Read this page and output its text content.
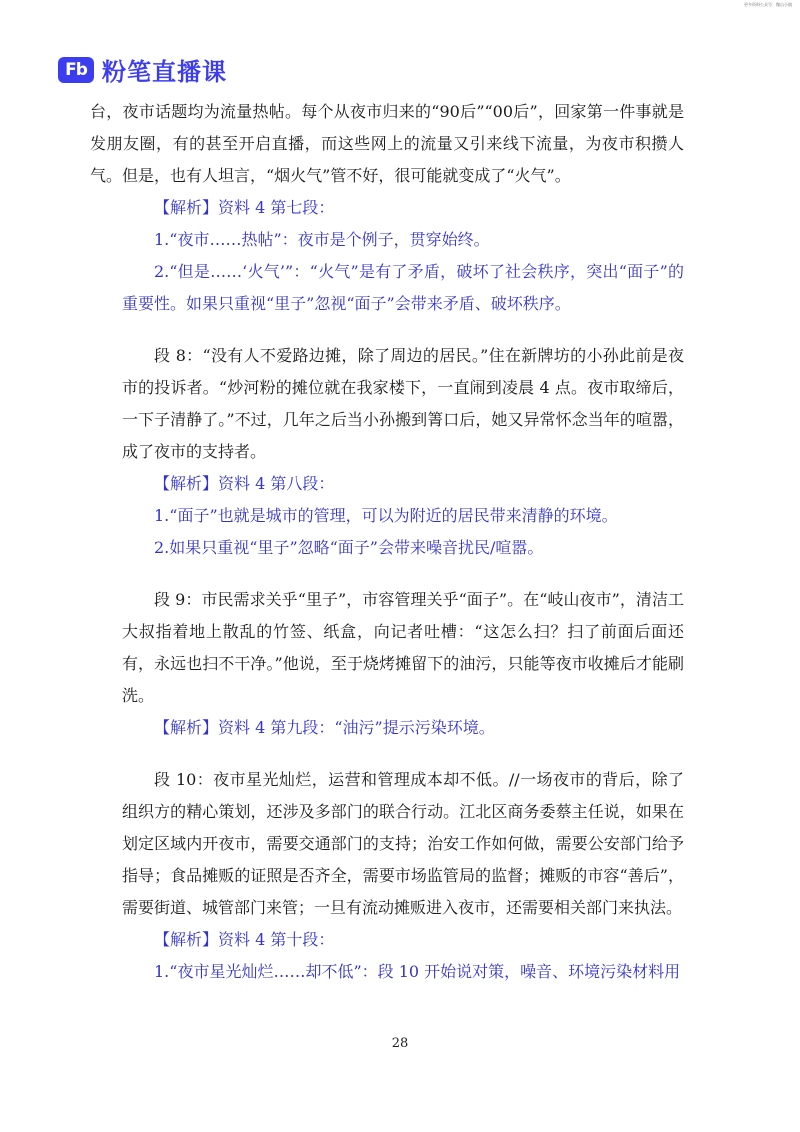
更多资料公众号：微山小镇
Fb 粉笔直播课

台，夜市话题均为流量热帖。每个从夜市归来的“90后”“00后”，回家第一件事就是发朋友圈，有的甚至开启直播，而这些网上的流量又引来线下流量，为夜市积攒人气。但是，也有人坦言，“烟火气”管不好，很可能就变成了“火气”。

【解析】资料 4 第七段：

1.“夜市……热帖”：夜市是个例子，贯穿始终。

2.“但是……‘火气’”：“火气”是有了矛盾，破坏了社会秩序，突出“面子”的重要性。如果只重视“里子”忽视“面子”会带来矛盾、破坏秩序。

段 8：“没有人不爱路边摊，除了周边的居民。”住在新牌坊的小孙此前是夜市的投诉者。“炒河粉的摊位就在我家楼下，一直闹到凌晨 4 点。夜市取缔后，一下子清静了。”不过，几年之后当小孙搬到箐口后，她又异常怀念当年的喧嚣，成了夜市的支持者。

【解析】资料 4 第八段：

1.“面子”也就是城市的管理，可以为附近的居民带来清静的环境。

2.如果只重视“里子”忽略“面子”会带来噪音扰民/喧嚣。

段 9：市民需求关乎“里子”，市容管理关乎“面子”。在“岐山夜市”，清洁工大叔指着地上散乱的竹签、纸盒，向记者吐槽：“这怎么扫？扫了前面后面还有，永远也扫不干净。”他说，至于烧烤摊留下的油污，只能等夜市收摊后才能刷洗。

【解析】资料 4 第九段：“油污”提示污染环境。

段 10：夜市星光灿烂，运营和管理成本却不低。//一场夜市的背后，除了组织方的精心策划，还涉及多部门的联合行动。江北区商务委蔡主任说，如果在划定区域内开夜市，需要交通部门的支持；治安工作如何做，需要公安部门给予指导；食品摊贩的证照是否齐全，需要市场监管局的监督；摊贩的市容“善后”，需要街道、城管部门来管；一旦有流动摊贩进入夜市，还需要相关部门来执法。

【解析】资料 4 第十段：

1.“夜市星光灿烂……却不低”：段 10 开始说对策，噪音、环境污染材料用

28
